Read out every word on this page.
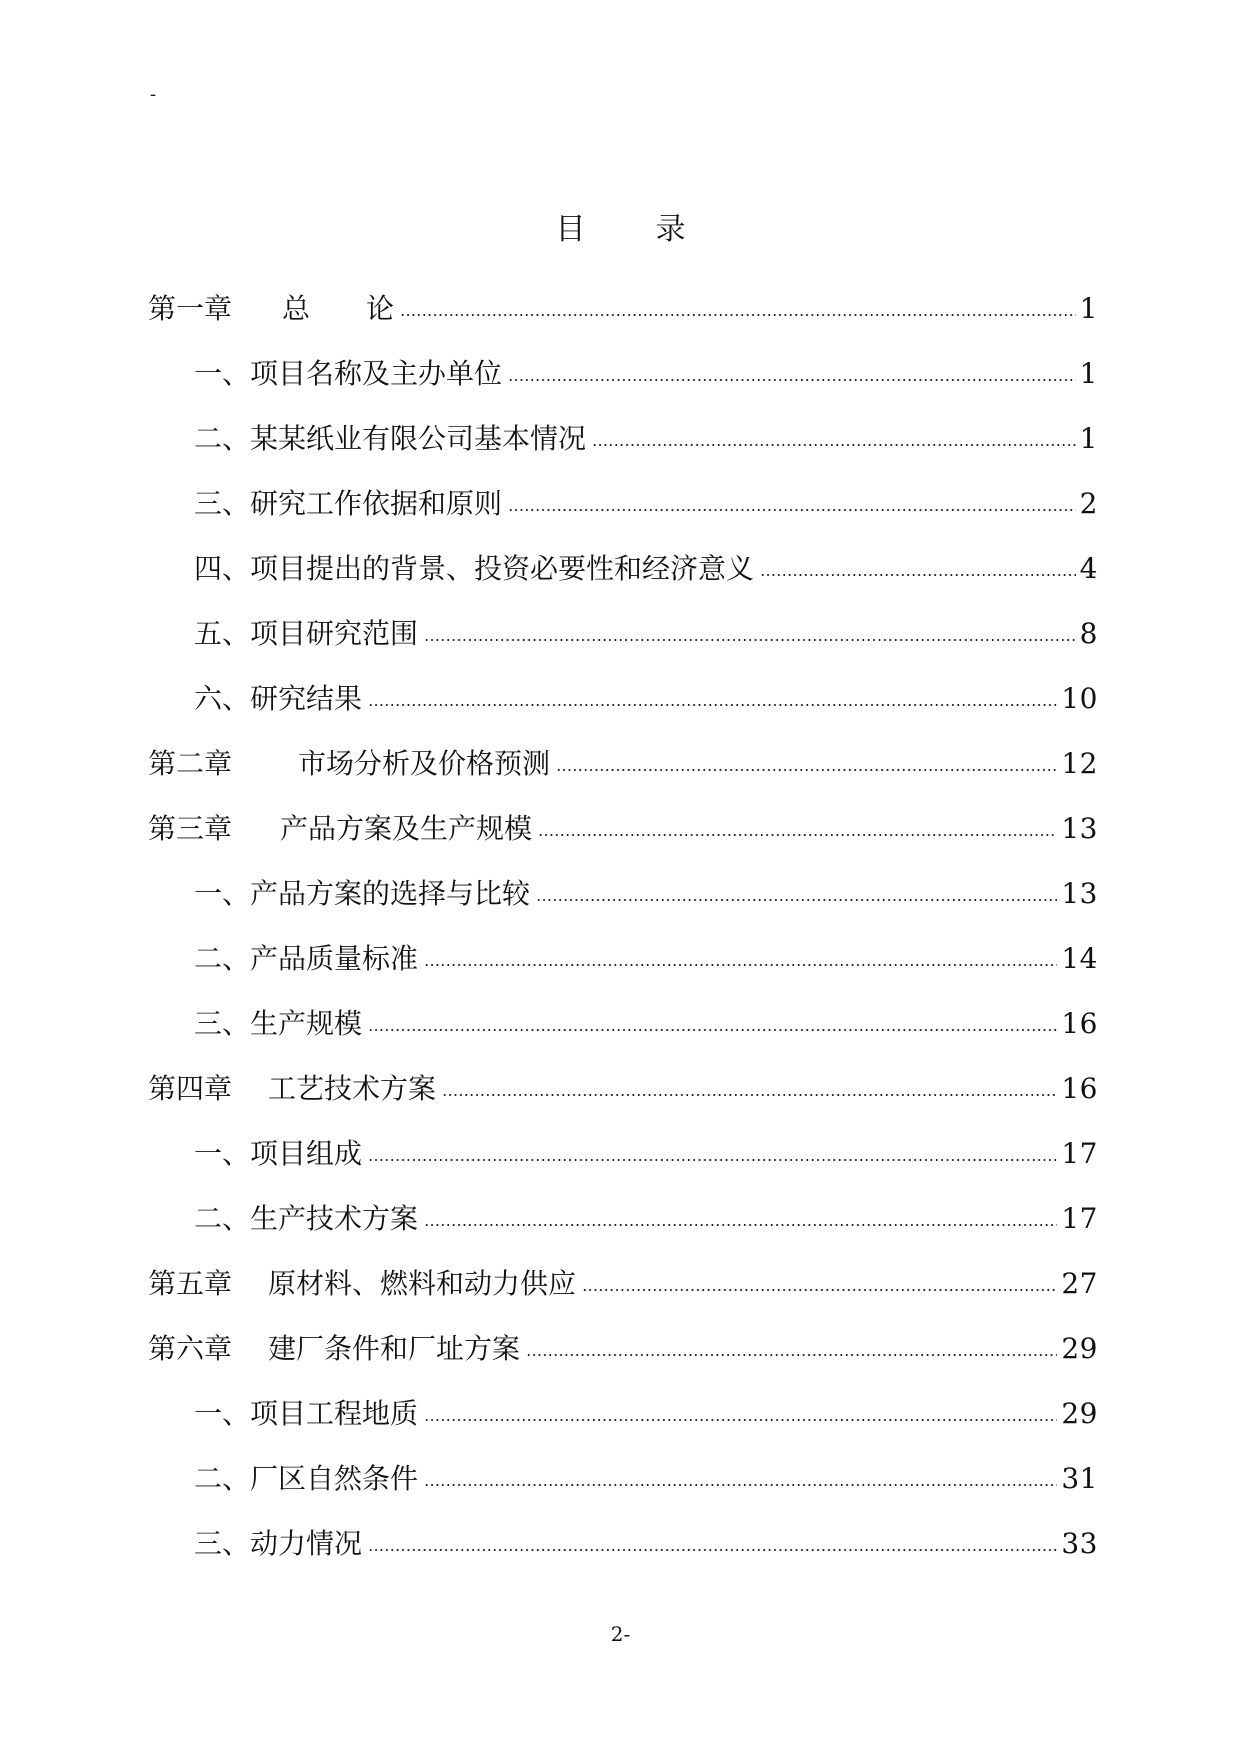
-
目 录
第一章 总　　论	1
一、项目名称及主办单位	1
二、某某纸业有限公司基本情况	1
三、研究工作依据和原则	2
四、项目提出的背景、投资必要性和经济意义	4
五、项目研究范围	8
六、研究结果	10
第二章 市场分析及价格预测	12
第三章 产品方案及生产规模	13
一、产品方案的选择与比较	13
二、产品质量标准	14
三、生产规模	16
第四章 工艺技术方案	16
一、项目组成	17
二、生产技术方案	17
第五章 原材料、燃料和动力供应	27
第六章 建厂条件和厂址方案	29
一、项目工程地质	29
二、厂区自然条件	31
三、动力情况	33
2-
